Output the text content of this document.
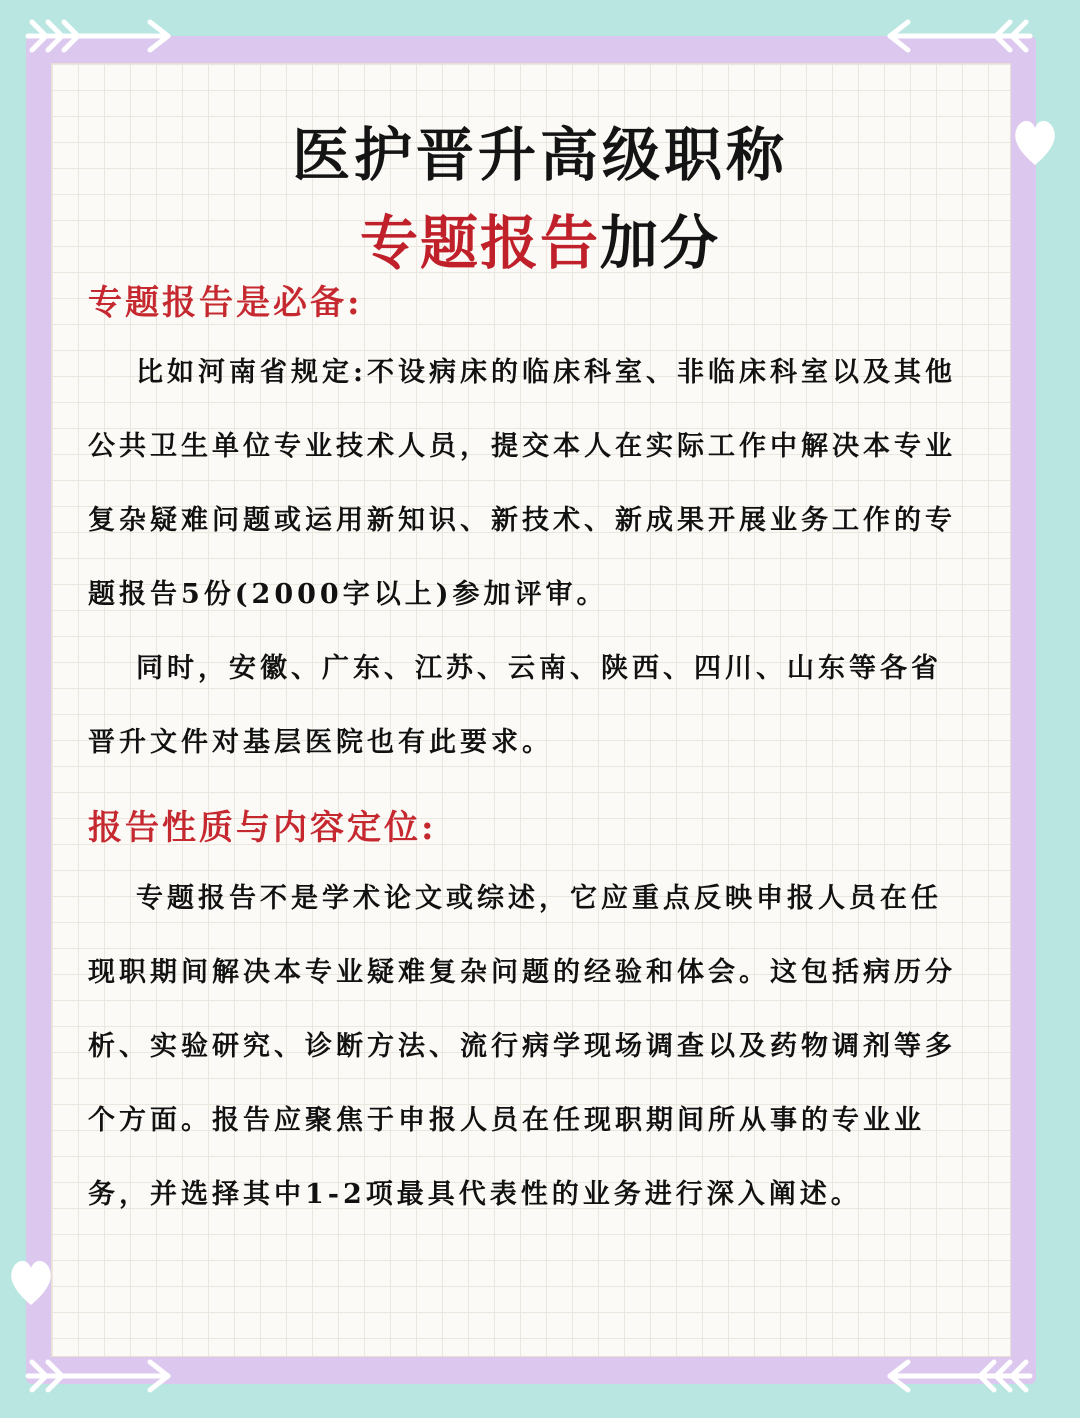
医护晋升高级职称
专题报告加分
专题报告是必备:

比如河南省规定:不设病床的临床科室、非临床科室以及其他公共卫生单位专业技术人员，提交本人在实际工作中解决本专业复杂疑难问题或运用新知识、新技术、新成果开展业务工作的专题报告5份(2000字以上)参加评审。

同时，安徽、广东、江苏、云南、陕西、四川、山东等各省晋升文件对基层医院也有此要求。

报告性质与内容定位:

专题报告不是学术论文或综述，它应重点反映申报人员在任现职期间解决本专业疑难复杂问题的经验和体会。这包括病历分析、实验研究、诊断方法、流行病学现场调查以及药物调剂等多个方面。报告应聚焦于申报人员在任现职期间所从事的专业业务，并选择其中1-2项最具代表性的业务进行深入阐述。
